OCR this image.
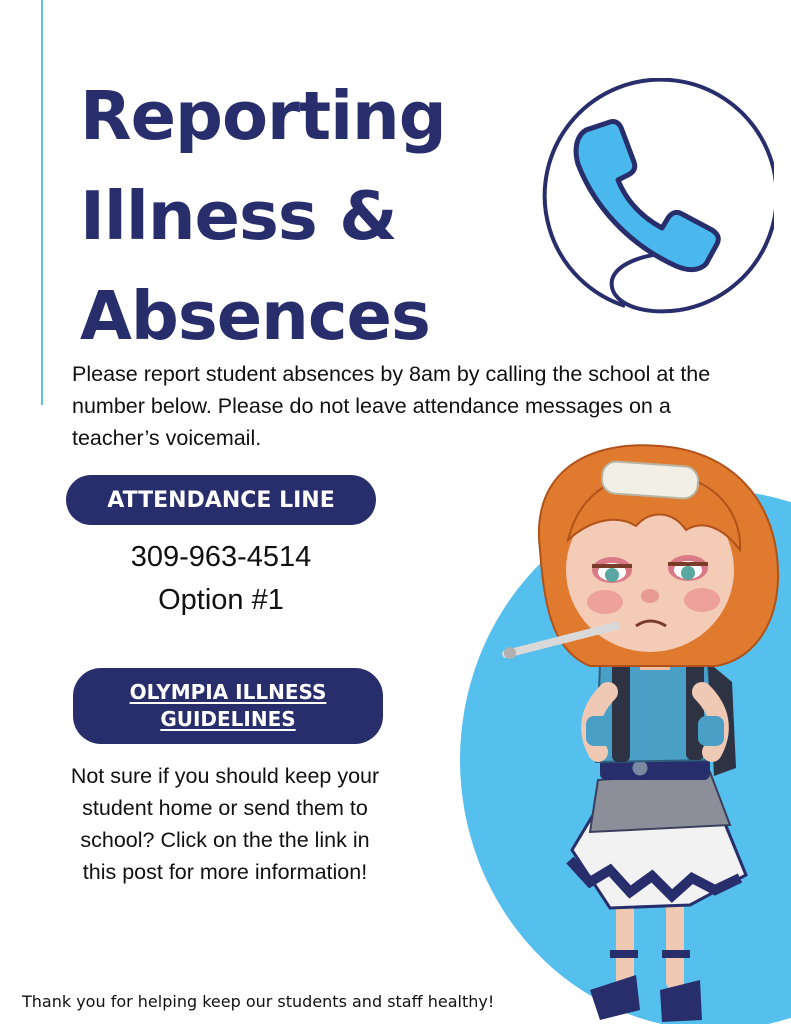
Reporting
Illness &
Absences

Please report student absences by 8am by calling the school at the number below. Please do not leave attendance messages on a teacher’s voicemail.

ATTENDANCE LINE
309-963-4514
Option #1
OLYMPIA ILLNESS
GUIDELINES
Not sure if you should keep your student home or send them to school? Click on the the link in this post for more information!
Thank you for helping keep our students and staff healthy!
